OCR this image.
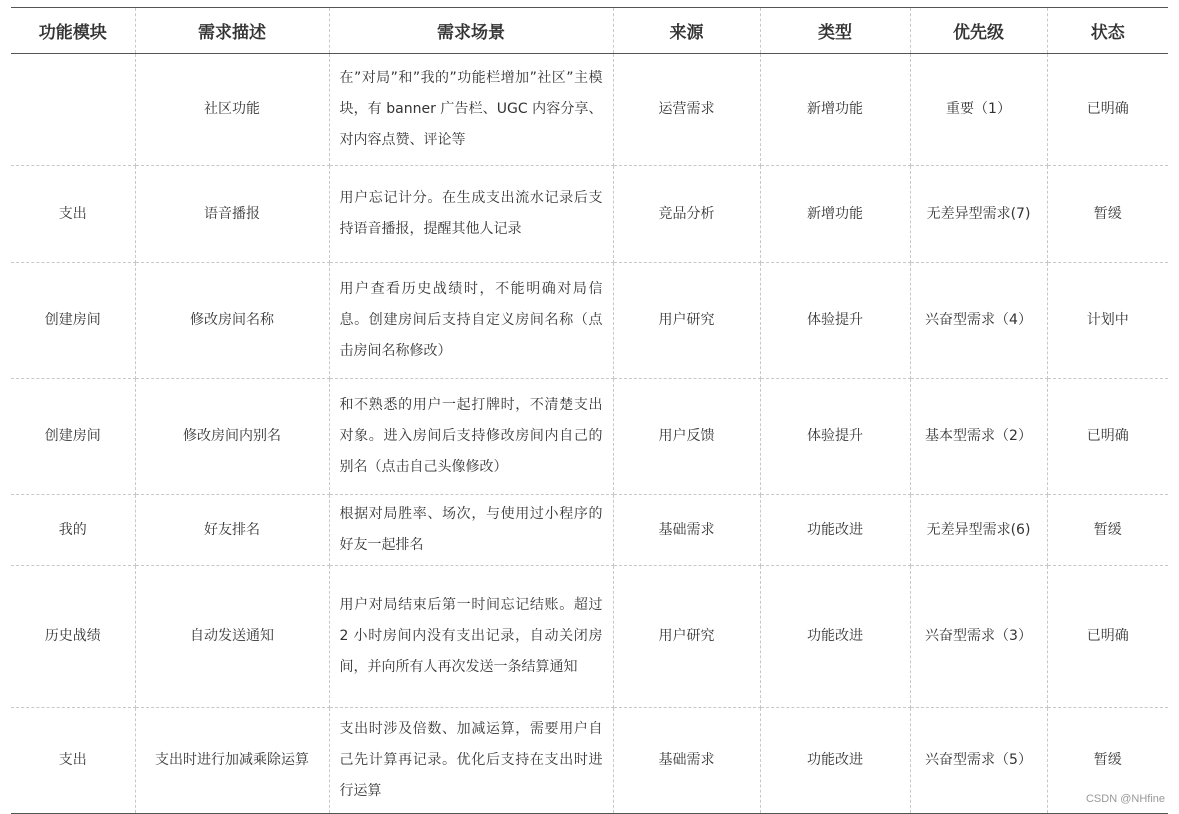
功能模块	需求描述	需求场景	来源	类型	优先级	状态
	社区功能	在”对局”和”我的”功能栏增加”社区”主模块，有 banner 广告栏、UGC 内容分享、对内容点赞、评论等	运营需求	新增功能	重要（1）	已明确
支出	语音播报	用户忘记计分。在生成支出流水记录后支持语音播报，提醒其他人记录	竞品分析	新增功能	无差异型需求(7)	暂缓
创建房间	修改房间名称	用户查看历史战绩时，不能明确对局信息。创建房间后支持自定义房间名称（点击房间名称修改）	用户研究	体验提升	兴奋型需求（4）	计划中
创建房间	修改房间内别名	和不熟悉的用户一起打牌时，不清楚支出对象。进入房间后支持修改房间内自己的别名（点击自己头像修改）	用户反馈	体验提升	基本型需求（2）	已明确
我的	好友排名	根据对局胜率、场次，与使用过小程序的好友一起排名	基础需求	功能改进	无差异型需求(6)	暂缓
历史战绩	自动发送通知	用户对局结束后第一时间忘记结账。超过 2 小时房间内没有支出记录，自动关闭房间，并向所有人再次发送一条结算通知	用户研究	功能改进	兴奋型需求（3）	已明确
支出	支出时进行加减乘除运算	支出时涉及倍数、加减运算，需要用户自己先计算再记录。优化后支持在支出时进行运算	基础需求	功能改进	兴奋型需求（5）	暂缓
CSDN @NHfine
